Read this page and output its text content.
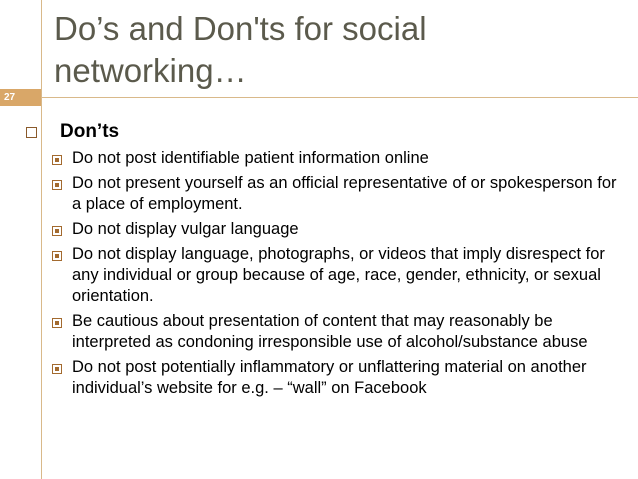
Do’s and Don'ts for social networking…
27
Don’ts
Do not post identifiable patient information online
Do not present yourself as an official representative of or spokesperson for a place of employment.
Do not display vulgar language
Do not display language, photographs, or videos that imply disrespect for any individual or group because of age, race, gender, ethnicity, or sexual orientation.
Be cautious about presentation of content that may reasonably be interpreted as condoning irresponsible use of alcohol/substance abuse
Do not post potentially inflammatory or unflattering material on another individual’s website for e.g. – “wall” on Facebook
